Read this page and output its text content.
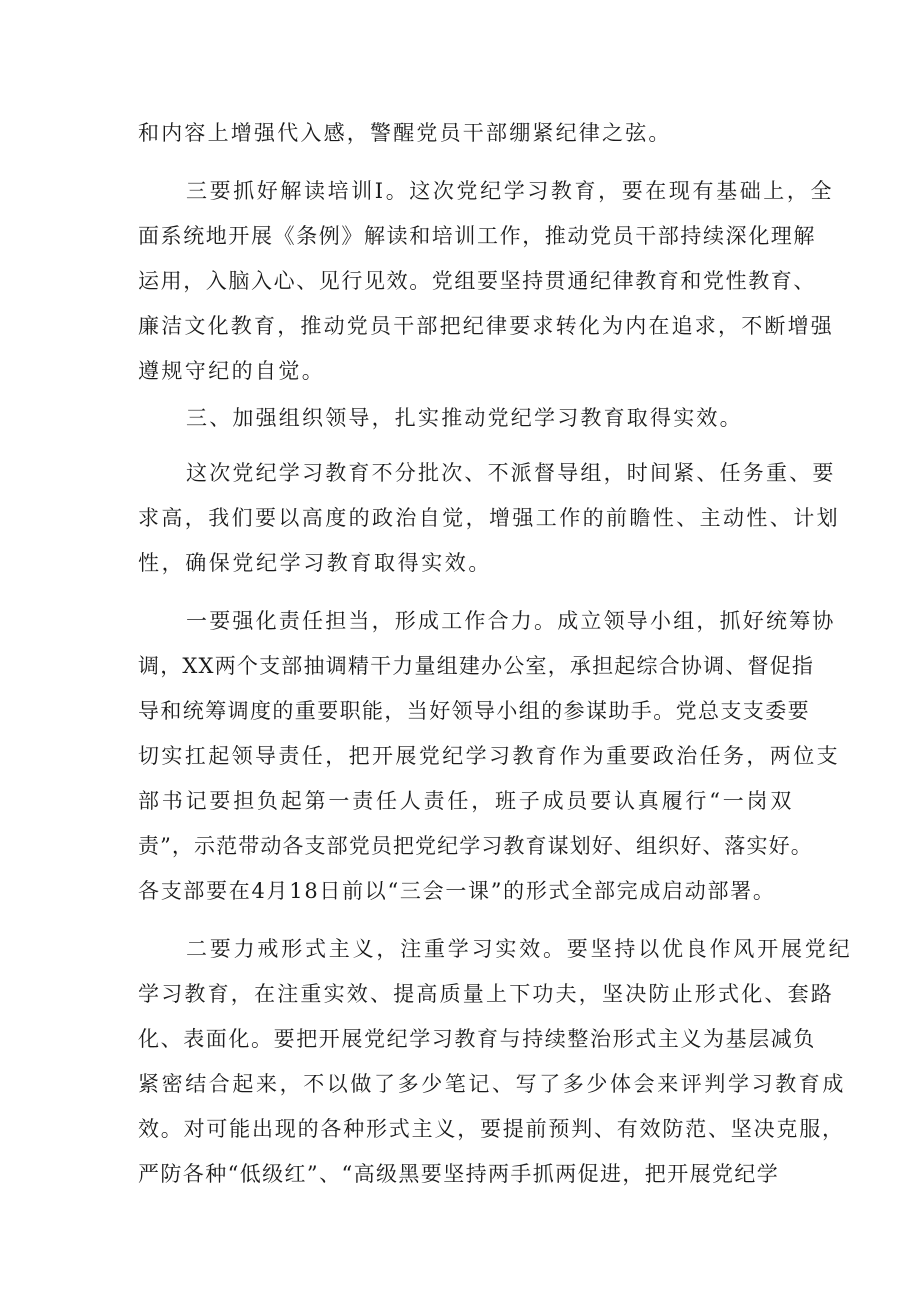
和内容上增强代入感，警醒党员干部绷紧纪律之弦。
三要抓好解读培训Ⅰ。这次党纪学习教育，要在现有基础上，全
面系统地开展《条例》解读和培训工作，推动党员干部持续深化理解
运用，入脑入心、见行见效。党组要坚持贯通纪律教育和党性教育、
廉洁文化教育，推动党员干部把纪律要求转化为内在追求，不断增强
遵规守纪的自觉。
三、加强组织领导，扎实推动党纪学习教育取得实效。
这次党纪学习教育不分批次、不派督导组，时间紧、任务重、要
求高，我们要以高度的政治自觉，增强工作的前瞻性、主动性、计划
性，确保党纪学习教育取得实效。
一要强化责任担当，形成工作合力。成立领导小组，抓好统筹协
调，XX两个支部抽调精干力量组建办公室，承担起综合协调、督促指
导和统筹调度的重要职能，当好领导小组的参谋助手。党总支支委要
切实扛起领导责任，把开展党纪学习教育作为重要政治任务，两位支
部书记要担负起第一责任人责任，班子成员要认真履行“一岗双
责”，示范带动各支部党员把党纪学习教育谋划好、组织好、落实好。
各支部要在4月18日前以“三会一课”的形式全部完成启动部署。
二要力戒形式主义，注重学习实效。要坚持以优良作风开展党纪
学习教育，在注重实效、提高质量上下功夫，坚决防止形式化、套路
化、表面化。要把开展党纪学习教育与持续整治形式主义为基层减负
紧密结合起来，不以做了多少笔记、写了多少体会来评判学习教育成
效。对可能出现的各种形式主义，要提前预判、有效防范、坚决克服，
严防各种“低级红”、“高级黑要坚持两手抓两促进，把开展党纪学
